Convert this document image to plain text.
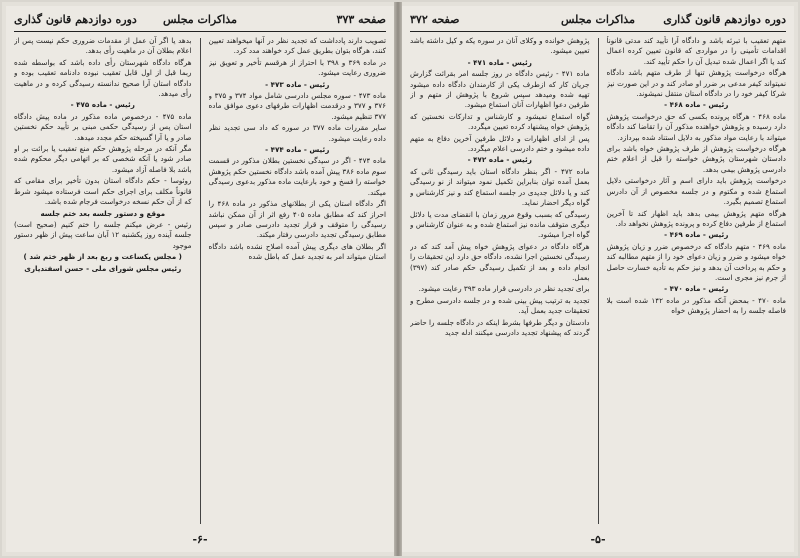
صفحه ۳۷۳
مذاکرات مجلس
دوره دوازدهم قانون گذاری

تصویب دارند پادداشت که تجدید نظر در آنها میخواهند تعیین کنند، هرگاه بتوان بطریق عمل کرد خواهند مدد کرد.

در ماده ۳۶۹ و ۳۹۸ با احتراز از هرقسم تأخیر و تعویق نیز ضروری رعایت میشود.

رئیس - ماده ۴۷۳ -

ماده ۴۷۳ - سوره مجلس دادرسی شامل مواد ۳۷۴ و ۳۷۵ و ۳۷۶ و ۳۷۷ و درقدمت اظهارات طرفهای دعوی موافق ماده ۳۷۷ تنظیم میشود.

سایر مقررات ماده ۳۷۷ در سوره که داد سی تجدید نظر داده رعایت میشود.

رئیس - ماده ۴۷۴ -

ماده ۴۷۴ - اگر در سیدگی نخستین بطلان مذکور در قسمت سوم ماده ۳۸۶ پیش آمده باشد دادگاه نخستین حکم پژوهش خواسته را فسخ و خود بارعایت ماده مذکور بدعوی رسیدگی میکند.

اگر دادگاه استان یکی از بطلانهای مذکور در ماده ۴۶۸ را احراز کند که مطابق ماده ۴۰۵ رفع اثر از آن ممکن نباشد رسیدگی را متوقف و قرار تجدید دادرسی صادر و سپس مطابق رسیدگی تجدید دادرسی رفتار میکند.

اگر بطلان های دیگری پیش آمده اصلاح نشده باشد دادگاه استان میتواند امر به تجدید عمل که باطل شده

بدهد یا اگر آن عمل از مقدمات ضروری حکم نیست پس از اعلام بطلان آن در ماهیت رأی بدهد.

هرگاه دادگاه شهرستان رأی داده باشد که بواسطه شده ربما قبل از اول قابل تعقیب نبوده دادنامه تعقیب بوده و دادگاه استان آرا صحیح ندانسته رسیدگی کرده و در ماهیت رأی میدهد.

رئیس - ماده ۴۷۵ -

ماده ۴۷۵ - درخصوص ماده مذکور در ماده پیش دادگاه استان پس از رسیدگی حکمی مبنی بر تأیید حکم نخستین صادر و یا آرا گسیخته حکم مجدد میدهد.

مگر آنکه در مرحله پژوهش حکم منع تعقیب یا برائت بر او صادر شود یا آنکه شخصی که بر اتهامی دیگر محکوم شده باشد بلا فاصله آزاد میشود.

روئوسا - حکم دادگاه استان بدون تأخیر برای مقامی که قانوناً مکلف برای اجرای حکم است فرستاده میشود شرط که از آن حکم نسخه درخواست فرجام شده باشد.

موقع و دستور جلسه بعد ختم جلسه

رئیس - عرض میکنم جلسه را ختم کنیم (صحیح است) جلسه آینده روز یکشنبه ۱۲ آبان ساعت پیش از ظهر دستور موجود

( مجلس یکساعت و ربع بعد از ظهر ختم شد )

رئیس مجلس شورای ملی - حسن اسفندیاری

-۶-
دوره دوازدهم قانون گذاری
مذاکرات مجلس
صفحه ۳۷۲

متهم تعقیب با تبرئه باشد و دادگاه آرا تأیید کند مدتی قانوناً اقدامات تأمینی را در مواردی که قانون تعیین کرده اعمال کند یا اگر اعمال شده تبدیل آن را حکم تأیید کند.

هرگاه درخواست پژوهش تنها از طرف متهم باشد دادگاه نمیتواند کیفر مدعی بر ضرر او صادر کند و در این صورت نیز شرکا کیفر خود را در دادگاه استان منتقل نمیشوند.

رئیس - ماده ۴۶۸ -

ماده ۴۶۸ - هرگاه پرونده بکسی که حق درخواست پژوهش دارد رسیده و پژوهش خواهنده مذکور آن را تقاضا کند دادگاه میتواند با رعایت مواد مذکور به دلایل استناد شده بپردازد.

هرگاه درخواست پژوهش از طرف پژوهش خواه باشد برای دادستان شهرستان پژوهش خواسته را قبل از اعلام ختم دادرسی پژوهش بیمی بدهد.

درخواست پژوهش باید دارای اسم و آثار درخواستی دلایل استماع شده و مکتوم و در جلسه مخصوص از آن دادرس استماع تصمیم بگیرد.

هرگاه متهم پژوهش بیمی بدهد باید اظهار کند تا آخرین استماع از طرفین دفاع کرده و پرونده پژوهش نخواهد داد.

رئیس - ماده ۴۶۹ -

ماده ۴۶۹ - متهم دادگاه که درخصوص ضرر و زیان پژوهش خواه میشود و ضرر و زیان دعوای خود را از متهم مطالبه کند و حکم به پرداخت آن بدهد و نیز حکم به تأدیه خسارت حاصل از جرم نیز مجری است.

رئیس - ماده ۴۷۰ -

ماده ۴۷۰ - بمحض آنکه مذکور در ماده ۱۴۲ شده است بلا فاصله جلسه را به احضار پژوهش خواه

پژوهش خوانده و وکلای آنان در سوره یکه و کیل داشته باشد تعیین میشود.

رئیس - ماده ۴۷۱ -

ماده ۴۷۱ - رئیس دادگاه در روز جلسه امر بقرائت گزارش جریان کار که ازطرف یکی از کارمندان دادگاه داده میشود تهیه شده ومیدهد سپس شروع با پژوهش از متهم و از طرفین دعوا اظهارات آنان استماع میشود.

گواه استماع نمیشود و کارشناس و تدارکات نخستین که پژوهش خواه پیشنهاد کرده تعیین میگردد.

پس از ادای اظهارات و دلائل طرفین آخرین دفاع به متهم داده میشود و ختم دادرسی اعلام میگردد.

رئیس - ماده ۴۷۲ -

ماده ۴۷۲ - اگر بنظر دادگاه استان باید رسیدگی ثانی که بعمل آمده توان بنابراین تکمیل نمود میتواند از نو رسیدگی کند و یا دلائل جدیدی در جلسه استماع کند و نیز کارشناس و گواه دیگر احضار نماید.

رسیدگی که بسبب وقوع مرور زمان با انقضای مدت یا دلائل دیگری متوقف مانده نیز استماع شده و به عنوان کارشناس و گواه اجرا میشود.

هرگاه دادگاه در دعوای پژوهش خواه پیش آمد کند که در رسیدگی نخستین اجرا نشده، دادگاه حق دارد این تحقیقات را انجام داده و بعد از تکمیل رسیدگی حکم صادر کند (۳۹۷) بعمل.

برای تجدید نظر در دادرسی قرار ماده ۳۹۳ رعایت میشود.

تجدید به ترتیب پیش بینی شده و در جلسه دادرسی مطرح و تحقیقات جدید بعمل آید.

دادستان و دیگر طرفها بشرط اینکه در دادگاه جلسه را حاضر گردند که پیشنهاد تجدید دادرسی میکنند ادله جدید

-۵-
